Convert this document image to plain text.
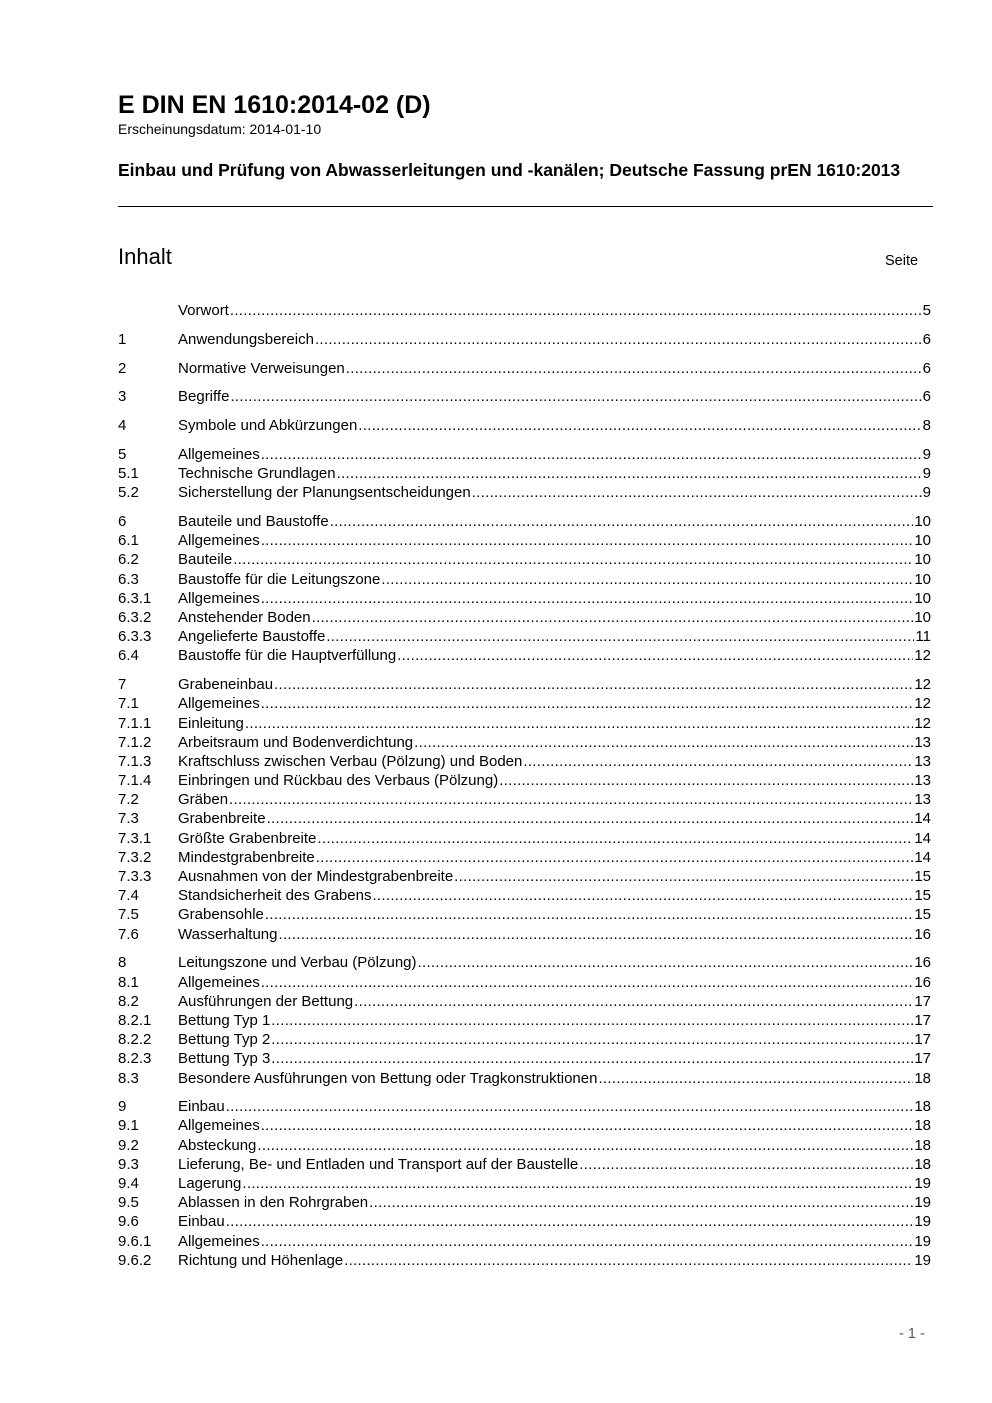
E DIN EN 1610:2014-02 (D)
Erscheinungsdatum: 2014-01-10
Einbau und Prüfung von Abwasserleitungen und -kanälen; Deutsche Fassung prEN 1610:2013
Inhalt	Seite
Vorwort .....	5
1	Anwendungsbereich .....	6
2	Normative Verweisungen .....	6
3	Begriffe .....	6
4	Symbole und Abkürzungen .....	8
5	Allgemeines .....	9
5.1	Technische Grundlagen .....	9
5.2	Sicherstellung der Planungsentscheidungen .....	9
6	Bauteile und Baustoffe .....	10
6.1	Allgemeines .....	10
6.2	Bauteile .....	10
6.3	Baustoffe für die Leitungszone .....	10
6.3.1	Allgemeines .....	10
6.3.2	Anstehender Boden .....	10
6.3.3	Angelieferte Baustoffe .....	11
6.4	Baustoffe für die Hauptverfüllung .....	12
7	Grabeneinbau .....	12
7.1	Allgemeines .....	12
7.1.1	Einleitung .....	12
7.1.2	Arbeitsraum und Bodenverdichtung .....	13
7.1.3	Kraftschluss zwischen Verbau (Pölzung) und Boden .....	13
7.1.4	Einbringen und Rückbau des Verbaus (Pölzung) .....	13
7.2	Gräben .....	13
7.3	Grabenbreite .....	14
7.3.1	Größte Grabenbreite .....	14
7.3.2	Mindestgrabenbreite .....	14
7.3.3	Ausnahmen von der Mindestgrabenbreite .....	15
7.4	Standsicherheit des Grabens .....	15
7.5	Grabensohle .....	15
7.6	Wasserhaltung .....	16
8	Leitungszone und Verbau (Pölzung) .....	16
8.1	Allgemeines .....	16
8.2	Ausführungen der Bettung .....	17
8.2.1	Bettung Typ 1 .....	17
8.2.2	Bettung Typ 2 .....	17
8.2.3	Bettung Typ 3 .....	17
8.3	Besondere Ausführungen von Bettung oder Tragkonstruktionen .....	18
9	Einbau .....	18
9.1	Allgemeines .....	18
9.2	Absteckung .....	18
9.3	Lieferung, Be- und Entladen und Transport auf der Baustelle .....	18
9.4	Lagerung .....	19
9.5	Ablassen in den Rohrgraben .....	19
9.6	Einbau .....	19
9.6.1	Allgemeines .....	19
9.6.2	Richtung und Höhenlage .....	19
- 1 -
